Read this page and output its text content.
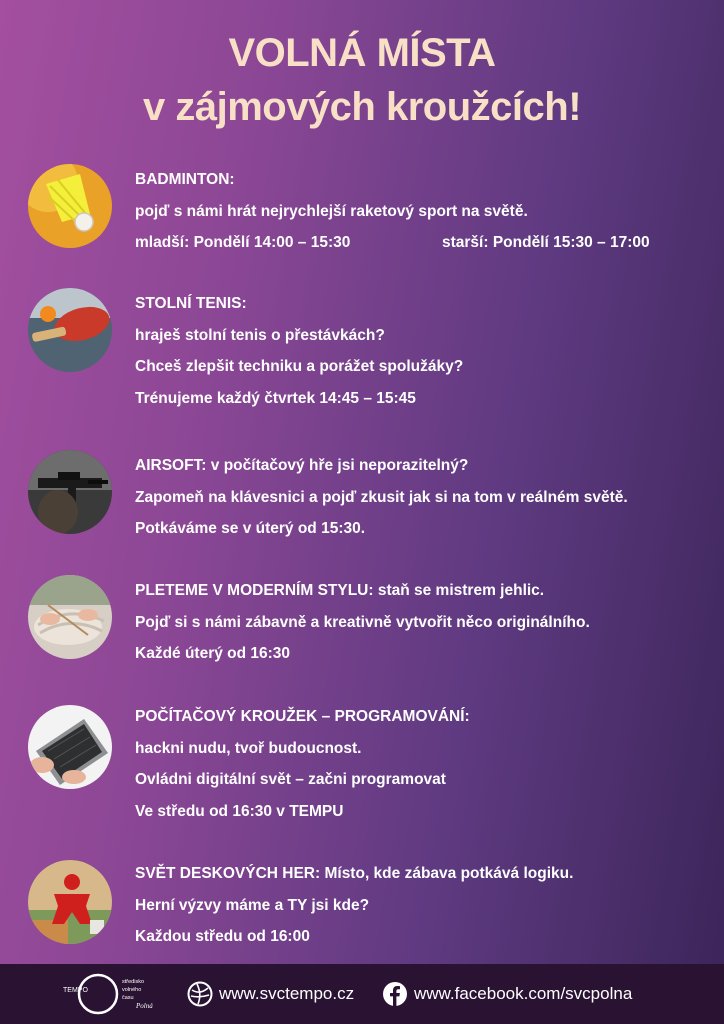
VOLNÁ MÍSTA
v zájmových kroužcích!
BADMINTON:
pojď s námi hrát nejrychlejší raketový sport na světě.
mladší: Pondělí 14:00 – 15:30	starší: Pondělí 15:30 – 17:00
STOLNÍ TENIS:
hraješ stolní tenis o přestávkách?
Chceš zlepšit techniku a porážet spolužáky?
Trénujeme každý čtvrtek 14:45 – 15:45
AIRSOFT: v počítačový hře jsi neporazitelný?
Zapomeň na klávesnici a pojď zkusit jak si na tom v reálném světě.
Potkáváme se v úterý od 15:30.
PLETEME V MODERNÍM STYLU: staň se mistrem jehlic.
Pojď si s námi zábavně a kreativně vytvořit něco originálního.
Každé úterý od 16:30
POČÍTAČOVÝ KROUŽEK – PROGRAMOVÁNÍ:
hackni nudu, tvoř budoucnost.
Ovládni digitální svět – začni programovat
Ve středu od 16:30 v TEMPU
SVĚT DESKOVÝCH HER: Místo, kde zábava potkává logiku.
Herní výzvy máme a TY jsi kde?
Každou středu od 16:00
TEMPO
středisko
volného
času
Polná
www.svctempo.cz	www.facebook.com/svcpolna
